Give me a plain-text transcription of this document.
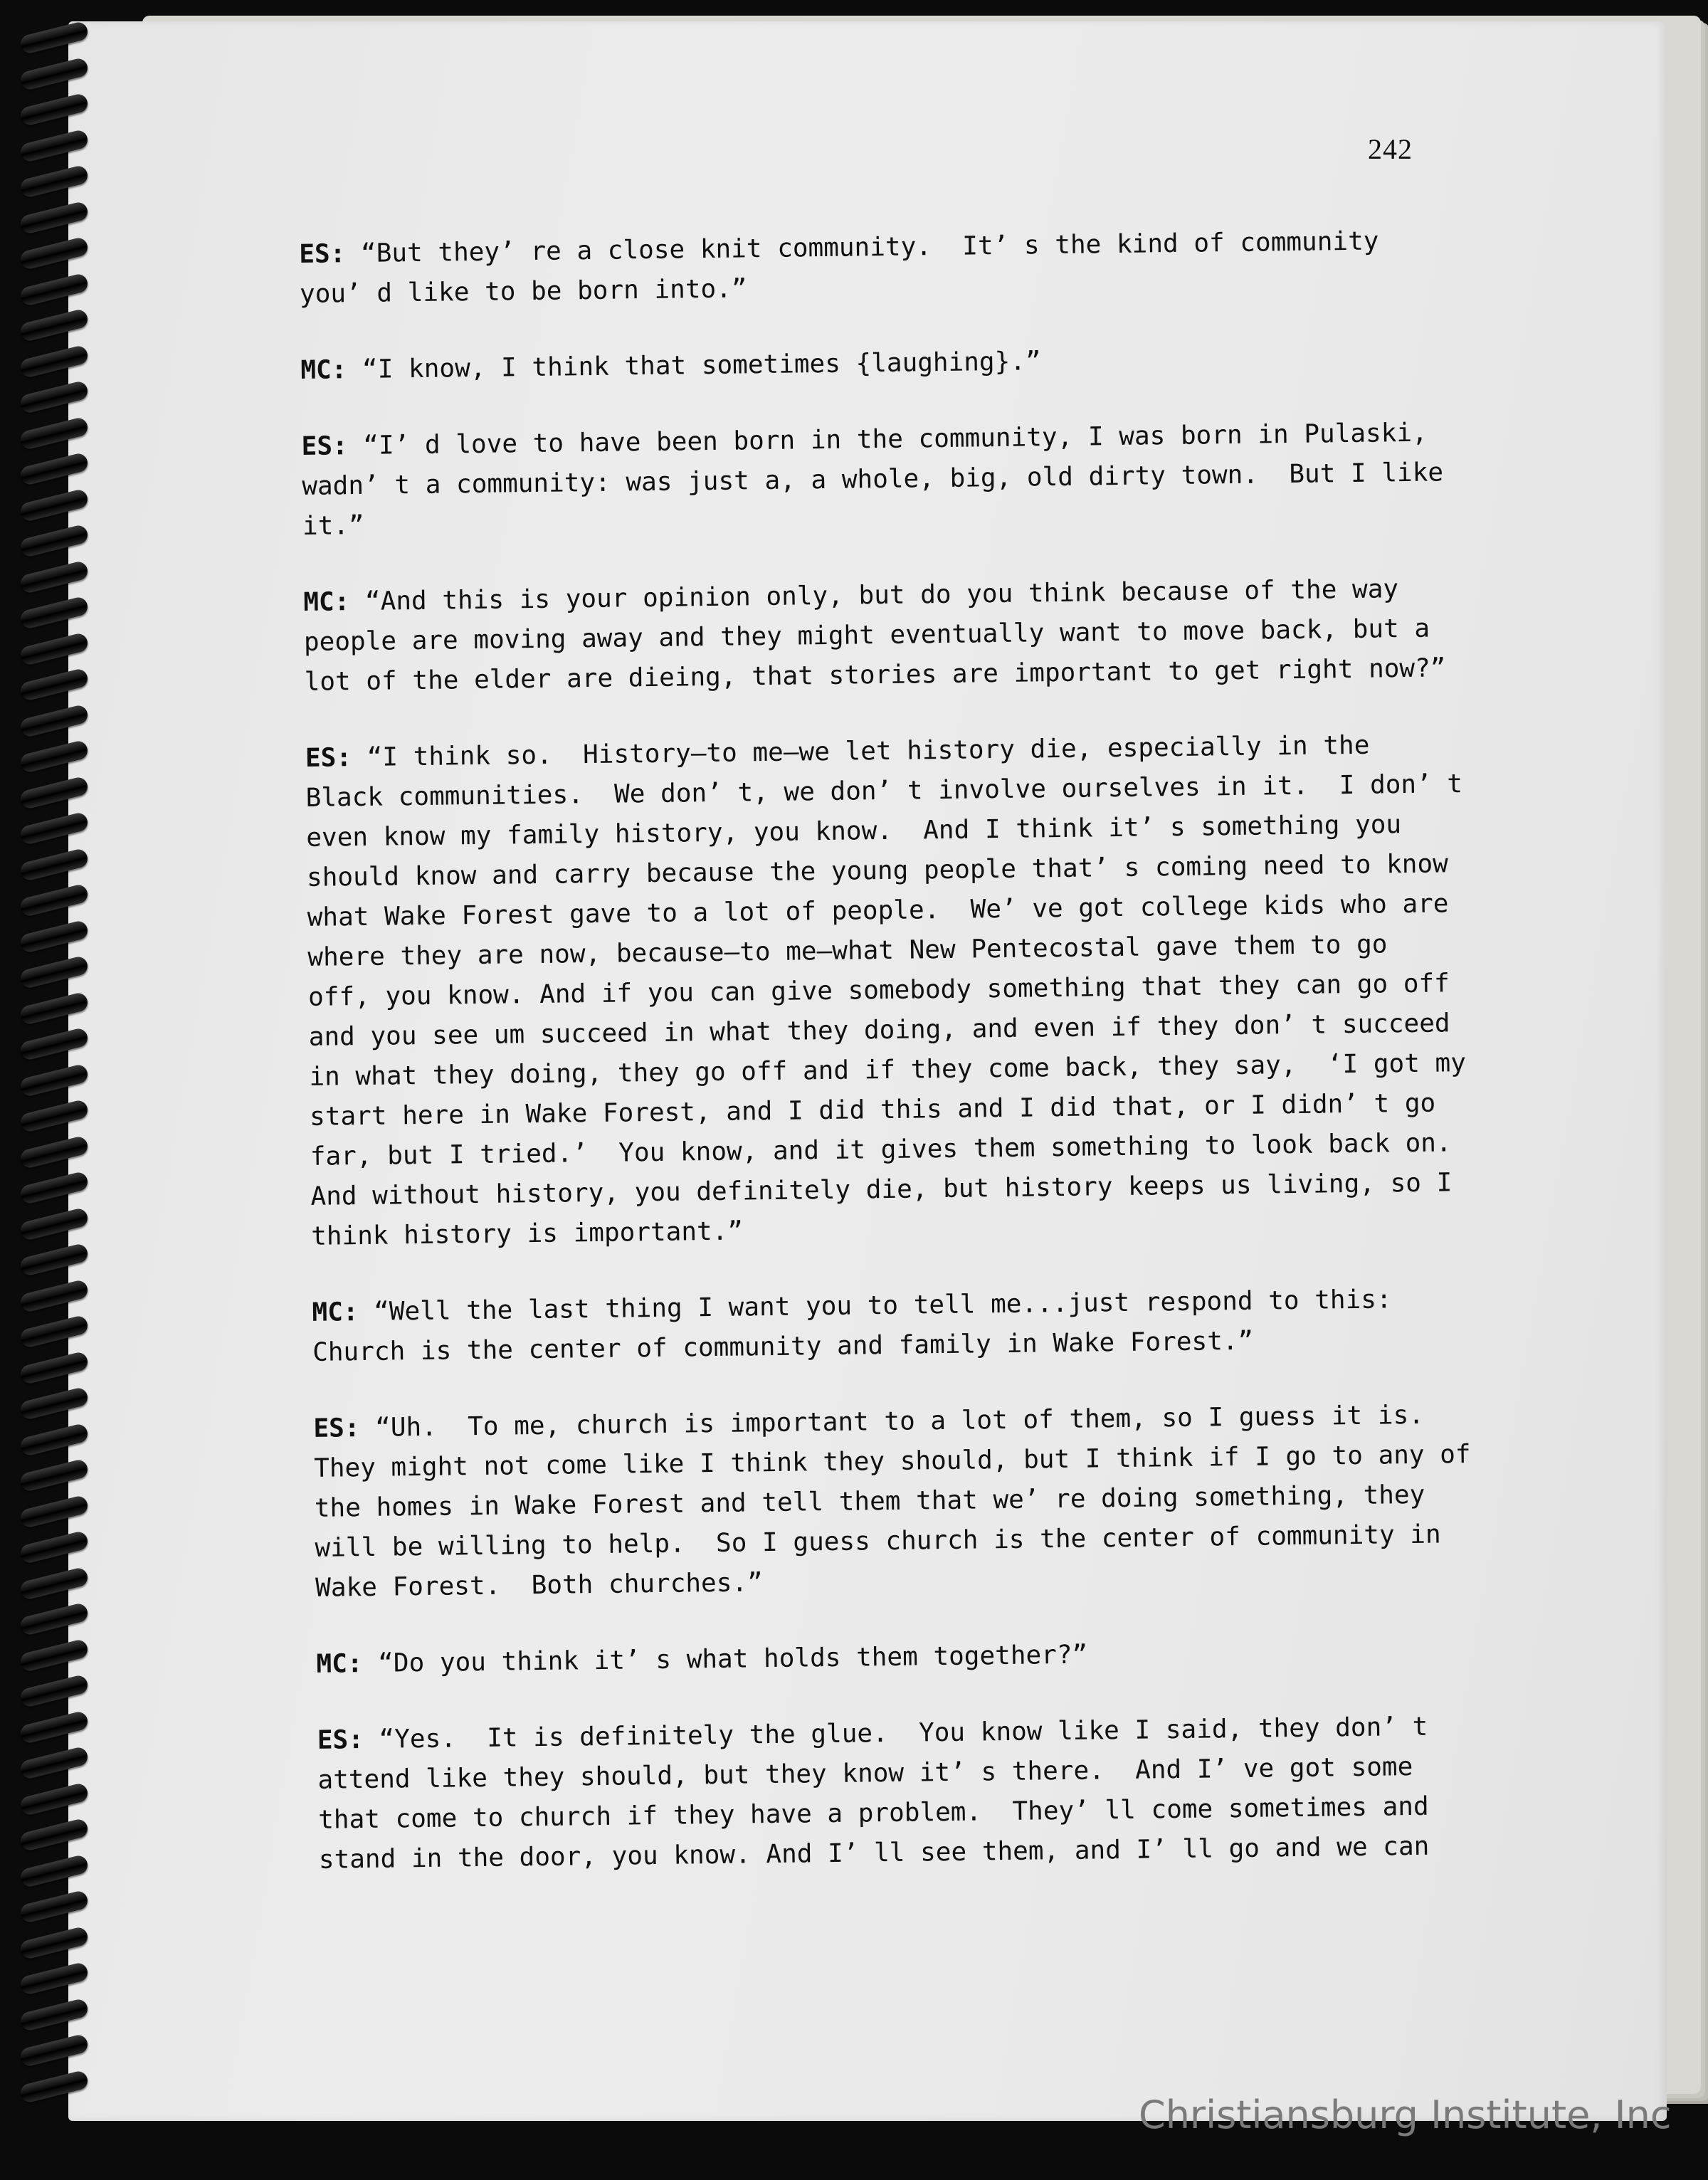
242
ES: “But they’ re a close knit community.  It’ s the kind of community
you’ d like to be born into.”
MC: “I know, I think that sometimes {laughing}.”
ES: “I’ d love to have been born in the community, I was born in Pulaski,
wadn’ t a community: was just a, a whole, big, old dirty town.  But I like
it.”
MC: “And this is your opinion only, but do you think because of the way
people are moving away and they might eventually want to move back, but a
lot of the elder are dieing, that stories are important to get right now?”
ES: “I think so.  History—to me—we let history die, especially in the
Black communities.  We don’ t, we don’ t involve ourselves in it.  I don’ t
even know my family history, you know.  And I think it’ s something you
should know and carry because the young people that’ s coming need to know
what Wake Forest gave to a lot of people.  We’ ve got college kids who are
where they are now, because—to me—what New Pentecostal gave them to go
off, you know. And if you can give somebody something that they can go off
and you see um succeed in what they doing, and even if they don’ t succeed
in what they doing, they go off and if they come back, they say,  ‘I got my
start here in Wake Forest, and I did this and I did that, or I didn’ t go
far, but I tried.’  You know, and it gives them something to look back on.
And without history, you definitely die, but history keeps us living, so I
think history is important.”
MC: “Well the last thing I want you to tell me...just respond to this:
Church is the center of community and family in Wake Forest.”
ES: “Uh.  To me, church is important to a lot of them, so I guess it is.
They might not come like I think they should, but I think if I go to any of
the homes in Wake Forest and tell them that we’ re doing something, they
will be willing to help.  So I guess church is the center of community in
Wake Forest.  Both churches.”
MC: “Do you think it’ s what holds them together?”
ES: “Yes.  It is definitely the glue.  You know like I said, they don’ t
attend like they should, but they know it’ s there.  And I’ ve got some
that come to church if they have a problem.  They’ ll come sometimes and
stand in the door, you know. And I’ ll see them, and I’ ll go and we can
Christiansburg Institute, Inc
